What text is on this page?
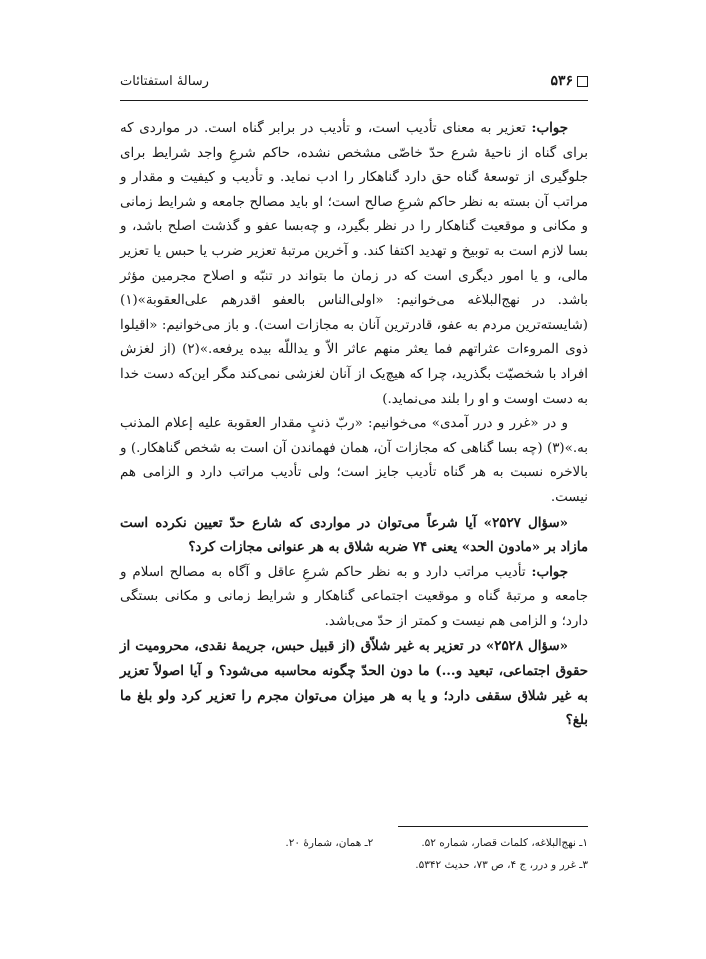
۵۳۶
رسالهٔ استفتائات

جواب: تعزیر به معنای تأدیب است، و تأدیب در برابر گناه است. در مواردی که برای گناه از ناحیهٔ شرع حدّ خاصّی مشخص نشده، حاکم شرعِ واجد شرایط برای جلوگیری از توسعهٔ گناه حق دارد گناهکار را ادب نماید. و تأدیب و کیفیت و مقدار و مراتب آن بسته به نظر حاکم شرعِ صالح است؛ او باید مصالح جامعه و شرایط زمانی و مکانی و موقعیت گناهکار را در نظر بگیرد، و چه‌بسا عفو و گذشت اصلح باشد، و بسا لازم است به توبیخ و تهدید اکتفا کند. و آخرین مرتبهٔ تعزیر ضرب یا حبس یا تعزیر مالی، و یا امور دیگری است که در زمان ما بتواند در تنبّه و اصلاح مجرمین مؤثر باشد. در نهج‌البلاغه می‌خوانیم: «اولی‌الناس بالعفو اقدرهم علی‌العقوبة»(۱) (شایسته‌ترین مردم به عفو، قادرترین آنان به مجازات است). و باز می‌خوانیم: «اقیلوا ذوی المروءات عثراتهم فما یعثر منهم عاثر الاّ و یداللّه بیده یرفعه.»(۲) (از لغزش افراد با شخصیّت بگذرید، چرا که هیچ‌یک از آنان لغزشی نمی‌کند مگر این‌که دست خدا به دست اوست و او را بلند می‌نماید.)

و در «غرر و درر آمدی» می‌خوانیم: «ربّ ذنبٍ مقدار العقوبة علیه إعلام المذنب به.»(۳) (چه بسا گناهی که مجازات آن، همان فهماندن آن است به شخص گناهکار.) و بالاخره نسبت به هر گناه تأدیب جایز است؛ ولی تأدیب مراتب دارد و الزامی هم نیست.

«سؤال ۲۵۲۷» آیا شرعاً می‌توان در مواردی که شارع حدّ تعیین نکرده است مازاد بر «مادون الحد» یعنی ۷۴ ضربه شلاق به هر عنوانی مجازات کرد؟

جواب: تأدیب مراتب دارد و به نظر حاکم شرعِ عاقل و آگاه به مصالح اسلام و جامعه و مرتبهٔ گناه و موقعیت اجتماعی گناهکار و شرایط زمانی و مکانی بستگی دارد؛ و الزامی هم نیست و کمتر از حدّ می‌باشد.

«سؤال ۲۵۲۸» در تعزیر به غیر شلاّق (از قبیل حبس، جریمهٔ نقدی، محرومیت از حقوق اجتماعی، تبعید و...) ما دون الحدّ چگونه محاسبه می‌شود؟ و آیا اصولاً تعزیر به غیر شلاق سقفی دارد؛ و یا به هر میزان می‌توان مجرم را تعزیر کرد ولو بلغ ما بلغ؟

۱ـ نهج‌البلاغه، کلمات قصار، شماره ۵۲.
۲ـ همان، شمارهٔ ۲۰.
۳ـ غرر و درر، ج ۴، ص ۷۳، حدیث ۵۳۴۲.
